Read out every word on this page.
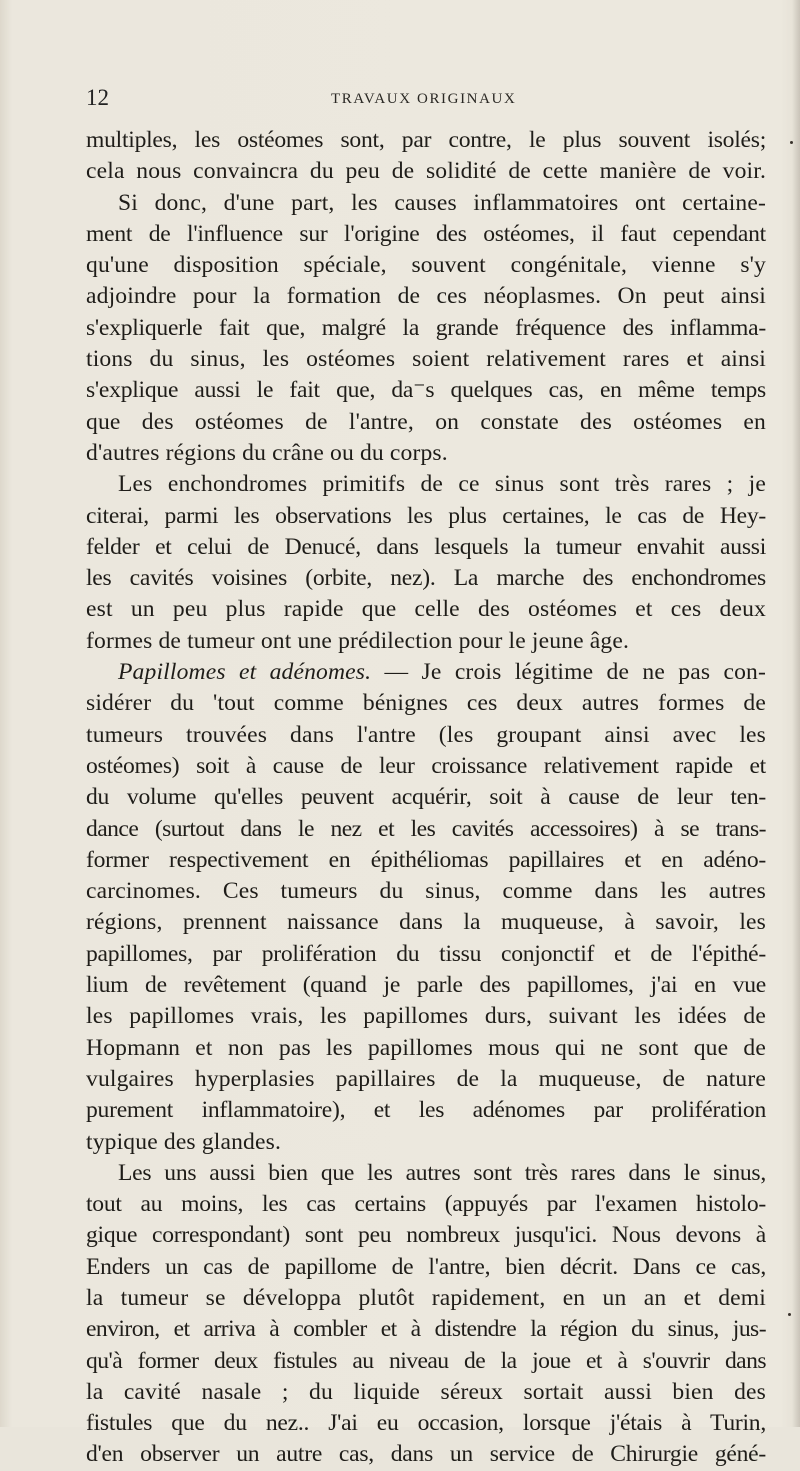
12	TRAVAUX ORIGINAUX
multiples, les ostéomes sont, par contre, le plus souvent isolés;
cela nous convaincra du peu de solidité de cette manière de voir.
Si donc, d'une part, les causes inflammatoires ont certaine-
ment de l'influence sur l'origine des ostéomes, il faut cependant
qu'une disposition spéciale, souvent congénitale, vienne s'y
adjoindre pour la formation de ces néoplasmes. On peut ainsi
s'expliquerle fait que, malgré la grande fréquence des inflamma-
tions du sinus, les ostéomes soient relativement rares et ainsi
s'explique aussi le fait que, da⁻s quelques cas, en même temps
que des ostéomes de l'antre, on constate des ostéomes en
d'autres régions du crâne ou du corps.
Les enchondromes primitifs de ce sinus sont très rares ; je
citerai, parmi les observations les plus certaines, le cas de Hey-
felder et celui de Denucé, dans lesquels la tumeur envahit aussi
les cavités voisines (orbite, nez). La marche des enchondromes
est un peu plus rapide que celle des ostéomes et ces deux
formes de tumeur ont une prédilection pour le jeune âge.
Papillomes et adénomes. — Je crois légitime de ne pas con-
sidérer du 'tout comme bénignes ces deux autres formes de
tumeurs trouvées dans l'antre (les groupant ainsi avec les
ostéomes) soit à cause de leur croissance relativement rapide et
du volume qu'elles peuvent acquérir, soit à cause de leur ten-
dance (surtout dans le nez et les cavités accessoires) à se trans-
former respectivement en épithéliomas papillaires et en adéno-
carcinomes. Ces tumeurs du sinus, comme dans les autres
régions, prennent naissance dans la muqueuse, à savoir, les
papillomes, par prolifération du tissu conjonctif et de l'épithé-
lium de revêtement (quand je parle des papillomes, j'ai en vue
les papillomes vrais, les papillomes durs, suivant les idées de
Hopmann et non pas les papillomes mous qui ne sont que de
vulgaires hyperplasies papillaires de la muqueuse, de nature
purement inflammatoire), et les adénomes par prolifération
typique des glandes.
Les uns aussi bien que les autres sont très rares dans le sinus,
tout au moins, les cas certains (appuyés par l'examen histolo-
gique correspondant) sont peu nombreux jusqu'ici. Nous devons à
Enders un cas de papillome de l'antre, bien décrit. Dans ce cas,
la tumeur se développa plutôt rapidement, en un an et demi
environ, et arriva à combler et à distendre la région du sinus, jus-
qu'à former deux fistules au niveau de la joue et à s'ouvrir dans
la cavité nasale ; du liquide séreux sortait aussi bien des
fistules que du nez.. J'ai eu occasion, lorsque j'étais à Turin,
d'en observer un autre cas, dans un service de Chirurgie géné-
